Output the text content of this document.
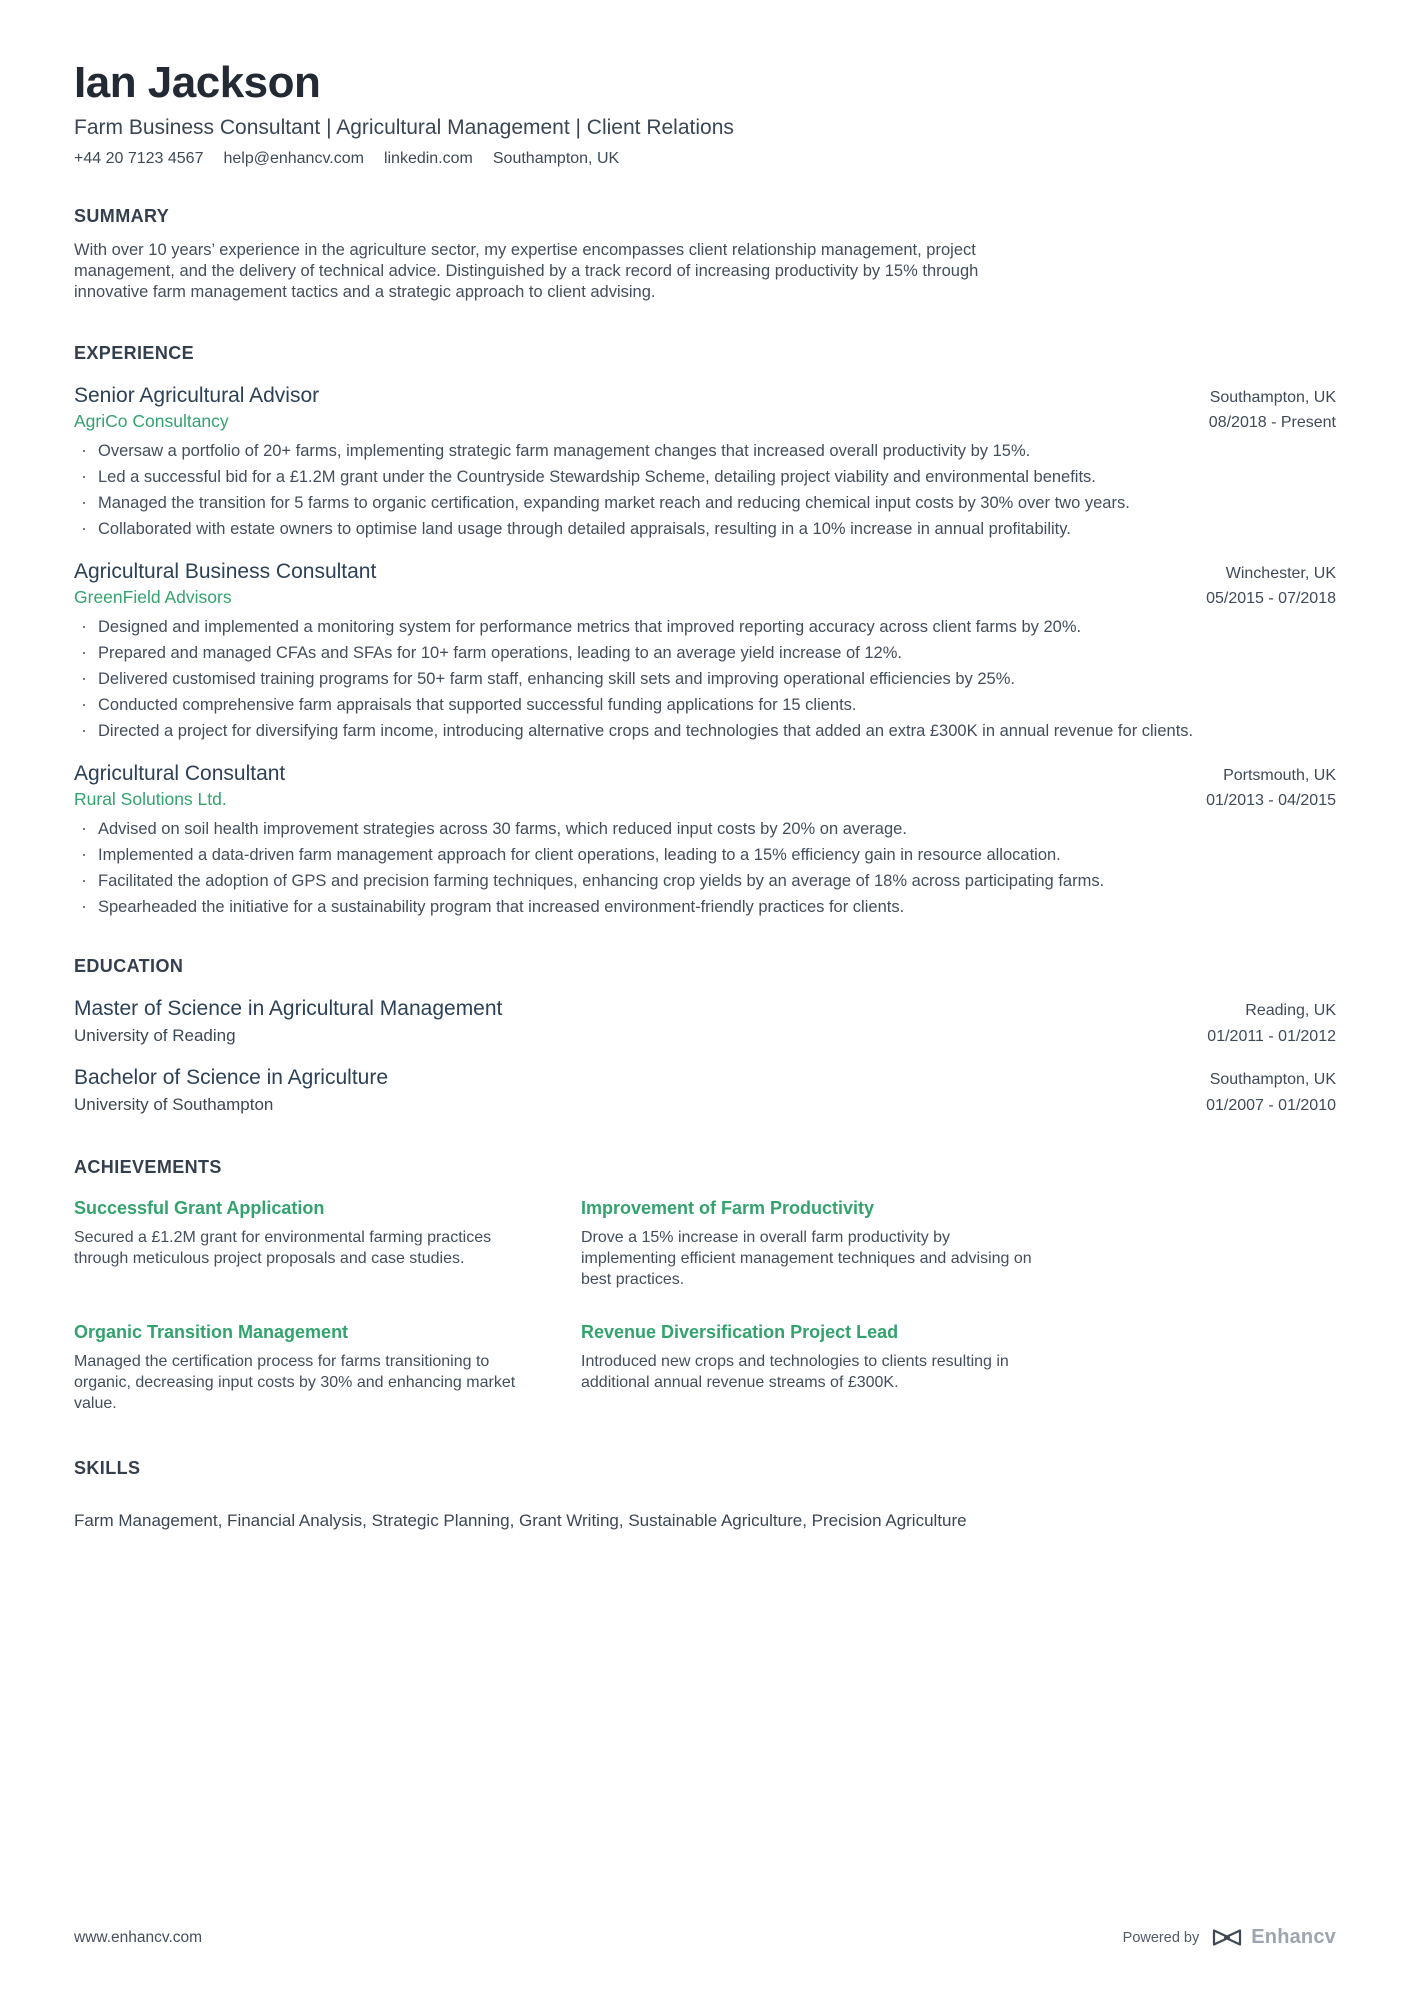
Ian Jackson
Farm Business Consultant | Agricultural Management | Client Relations
+44 20 7123 4567 help@enhancv.com linkedin.com Southampton, UK
SUMMARY

With over 10 years’ experience in the agriculture sector, my expertise encompasses client relationship management, project management, and the delivery of technical advice. Distinguished by a track record of increasing productivity by 15% through innovative farm management tactics and a strategic approach to client advising.

EXPERIENCE
Senior Agricultural Advisor	Southampton, UK
AgriCo Consultancy	08/2018 - Present
· Oversaw a portfolio of 20+ farms, implementing strategic farm management changes that increased overall productivity by 15%.
· Led a successful bid for a £1.2M grant under the Countryside Stewardship Scheme, detailing project viability and environmental benefits.
· Managed the transition for 5 farms to organic certification, expanding market reach and reducing chemical input costs by 30% over two years.
· Collaborated with estate owners to optimise land usage through detailed appraisals, resulting in a 10% increase in annual profitability.
Agricultural Business Consultant	Winchester, UK
GreenField Advisors	05/2015 - 07/2018
· Designed and implemented a monitoring system for performance metrics that improved reporting accuracy across client farms by 20%.
· Prepared and managed CFAs and SFAs for 10+ farm operations, leading to an average yield increase of 12%.
· Delivered customised training programs for 50+ farm staff, enhancing skill sets and improving operational efficiencies by 25%.
· Conducted comprehensive farm appraisals that supported successful funding applications for 15 clients.
· Directed a project for diversifying farm income, introducing alternative crops and technologies that added an extra £300K in annual revenue for clients.
Agricultural Consultant	Portsmouth, UK
Rural Solutions Ltd.	01/2013 - 04/2015
· Advised on soil health improvement strategies across 30 farms, which reduced input costs by 20% on average.
· Implemented a data-driven farm management approach for client operations, leading to a 15% efficiency gain in resource allocation.
· Facilitated the adoption of GPS and precision farming techniques, enhancing crop yields by an average of 18% across participating farms.
· Spearheaded the initiative for a sustainability program that increased environment-friendly practices for clients.
EDUCATION
Master of Science in Agricultural Management	Reading, UK
University of Reading	01/2011 - 01/2012
Bachelor of Science in Agriculture	Southampton, UK
University of Southampton	01/2007 - 01/2010
ACHIEVEMENTS
Successful Grant Application

Secured a £1.2M grant for environmental farming practices through meticulous project proposals and case studies.

Improvement of Farm Productivity

Drove a 15% increase in overall farm productivity by implementing efficient management techniques and advising on best practices.

Organic Transition Management

Managed the certification process for farms transitioning to organic, decreasing input costs by 30% and enhancing market value.

Revenue Diversification Project Lead

Introduced new crops and technologies to clients resulting in additional annual revenue streams of £300K.

SKILLS

Farm Management, Financial Analysis, Strategic Planning, Grant Writing, Sustainable Agriculture, Precision Agriculture

www.enhancv.com	Powered by	Enhancv
